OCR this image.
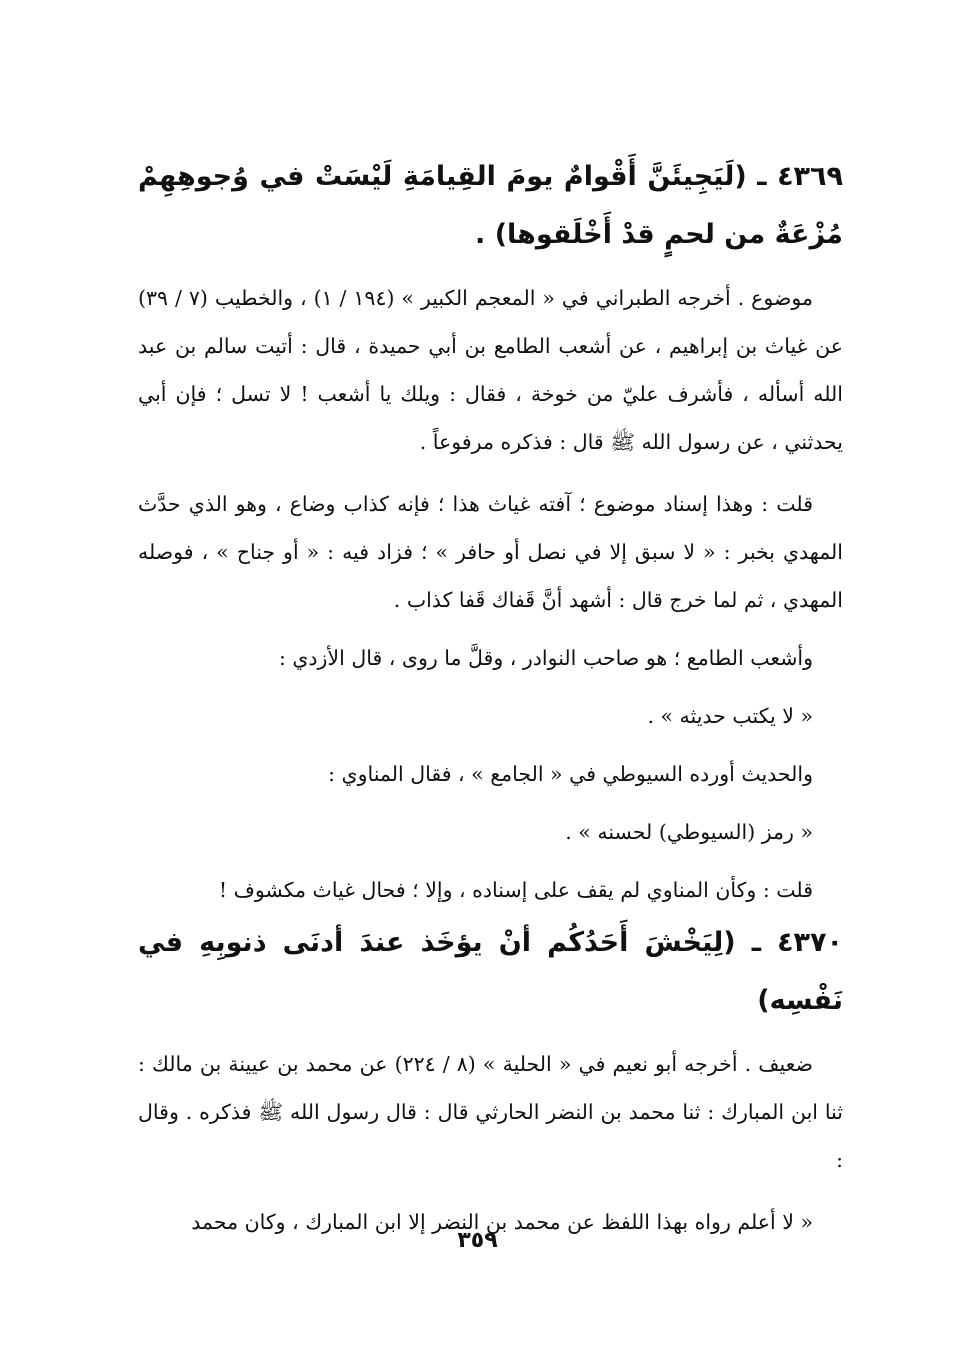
٤٣٦٩ ـ (لَيَجِيئَنَّ أَقْوامٌ يومَ القِيامَةِ لَيْسَتْ في وُجوهِهِمْ مُزْعَةٌ من لحمٍ قدْ أَخْلَقوها) .

موضوع . أخرجه الطبراني في « المعجم الكبير » (١٩٤ / ١) ، والخطيب (٧ / ٣٩) عن غياث بن إبراهيم ، عن أشعب الطامع بن أبي حميدة ، قال : أتيت سالم بن عبد الله أسأله ، فأشرف عليّ من خوخة ، فقال : ويلك يا أشعب ! لا تسل ؛ فإن أبي يحدثني ، عن رسول الله ﷺ قال : فذكره مرفوعاً .

قلت : وهذا إسناد موضوع ؛ آفته غياث هذا ؛ فإنه كذاب وضاع ، وهو الذي حدَّث المهدي بخبر : « لا سبق إلا في نصل أو حافر » ؛ فزاد فيه : « أو جناح » ، فوصله المهدي ، ثم لما خرج قال : أشهد أنَّ قَفاك قَفا كذاب .

وأشعب الطامع ؛ هو صاحب النوادر ، وقلَّ ما روى ، قال الأزدي :

« لا يكتب حديثه » .

والحديث أورده السيوطي في « الجامع » ، فقال المناوي :

« رمز (السيوطي) لحسنه » .

قلت : وكأن المناوي لم يقف على إسناده ، وإلا ؛ فحال غياث مكشوف !

٤٣٧٠ ـ (لِيَخْشَ أَحَدُكُم أنْ يؤخَذ عندَ أدنَى ذنوبِهِ في نَفْسِه)

ضعيف . أخرجه أبو نعيم في « الحلية » (٨ / ٢٢٤) عن محمد بن عيينة بن مالك : ثنا ابن المبارك : ثنا محمد بن النضر الحارثي قال : قال رسول الله ﷺ فذكره . وقال :

« لا أعلم رواه بهذا اللفظ عن محمد بن النضر إلا ابن المبارك ، وكان محمد

٣٥٩
